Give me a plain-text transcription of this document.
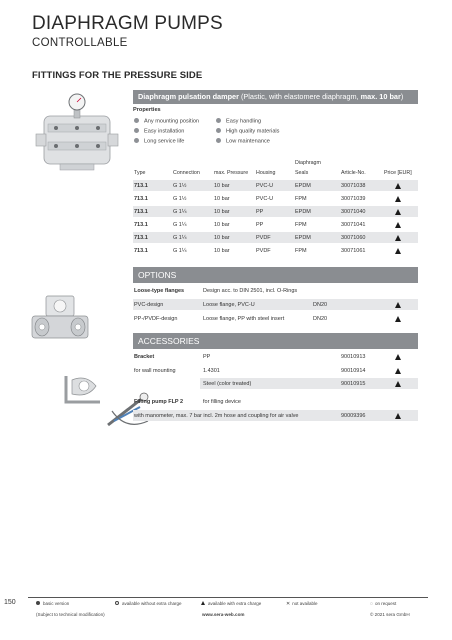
DIAPHRAGM PUMPS
CONTROLLABLE
FITTINGS FOR THE PRESSURE SIDE
Diaphragm pulsation damper (Plastic, with elastomere diaphragm, max. 10 bar)
Properties
Any mounting position
Easy installation
Long service life
Easy handling
High quality materials
Low maintenance
Type	Connection	max. Pressure Housing
Diaphragm
Seals	Article-No.	Price [EUR]
713.1	G 1½	10 bar	PVC-U	EPDM	30071038
713.1	G 1½	10 bar	PVC-U	FPM	30071039
713.1	G 1¼	10 bar	PP	EPDM	30071040
713.1	G 1¼	10 bar	PP	FPM	30071041
713.1	G 1¼	10 bar	PVDF	EPDM	30071060
713.1	G 1¼	10 bar	PVDF	FPM	30071061
OPTIONS
Loose-type flanges	Design acc. to DIN 2501, incl. O-Rings
PVC-design	Loose flange, PVC-U	DN20
PP-/PVDF-design	Loose flange, PP with steel insert	DN20
ACCESSORIES
Bracket	PP	90010913
for wall mounting	1.4301	90010914
Steel (color treated)	90010915
Filling pump FLP 2	for filling device
with manometer, max. 7 bar incl. 2m hose and coupling for air valve	90009396
150	basic version	available without extra charge	available with extra charge	✕ not available	◌ on request
(Subject to technical modification)	www.sera-web.com	© 2021 sera GmbH
